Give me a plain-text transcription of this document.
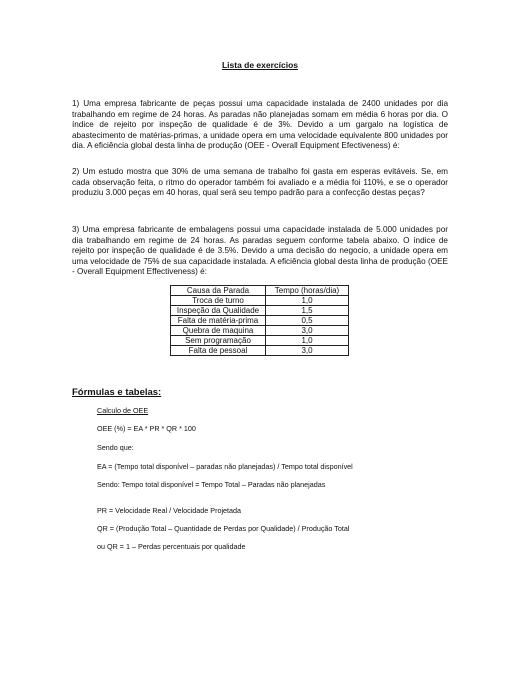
Lista de exercícios

1) Uma empresa fabricante de peças possui uma capacidade instalada de 2400 unidades por dia trabalhando em regime de 24 horas. As paradas não planejadas somam em média 6 horas por dia. O índice de rejeito por inspeção de qualidade é de 3%. Devido a um gargalo na logística de abastecimento de matérias-primas, a unidade opera em uma velocidade equivalente 800 unidades por dia. A eficiência global desta linha de produção (OEE - Overall Equipment Efectiveness) é:

2) Um estudo mostra que 30% de uma semana de trabalho foi gasta em esperas evitáveis. Se, em cada observação feita, o ritmo do operador também foi avaliado e a média foi 110%, e se o operador produziu 3.000 peças em 40 horas, qual será seu tempo padrão para a confecção destas peças?

3) Uma empresa fabricante de embalagens possui uma capacidade instalada de 5.000 unidades por dia trabalhando em regime de 24 horas. As paradas seguem conforme tabela abaixo. O índice de rejeito por inspeção de qualidade é de 3.5%. Devido a uma decisão do negocio, a unidade opera em uma velocidade de 75% de sua capacidade instalada. A eficiência global desta linha de produção (OEE - Overall Equipment Effectiveness) é:

Causa da Parada	Tempo (horas/dia)
Troca de turno	1,0
Inspeção da Qualidade	1,5
Falta de matéria-prima	0,5
Quebra de maquina	3,0
Sem programação	1,0
Falta de pessoal	3,0
Fórmulas e tabelas:
Calculo de OEE
OEE (%) = EA * PR * QR * 100
Sendo que:
EA = (Tempo total disponível – paradas não planejadas) / Tempo total disponível
Sendo: Tempo total disponível = Tempo Total – Paradas não planejadas
PR = Velocidade Real / Velocidade Projetada
QR = (Produção Total – Quantidade de Perdas por Qualidade) / Produção Total
ou QR = 1 – Perdas percentuais por qualidade
